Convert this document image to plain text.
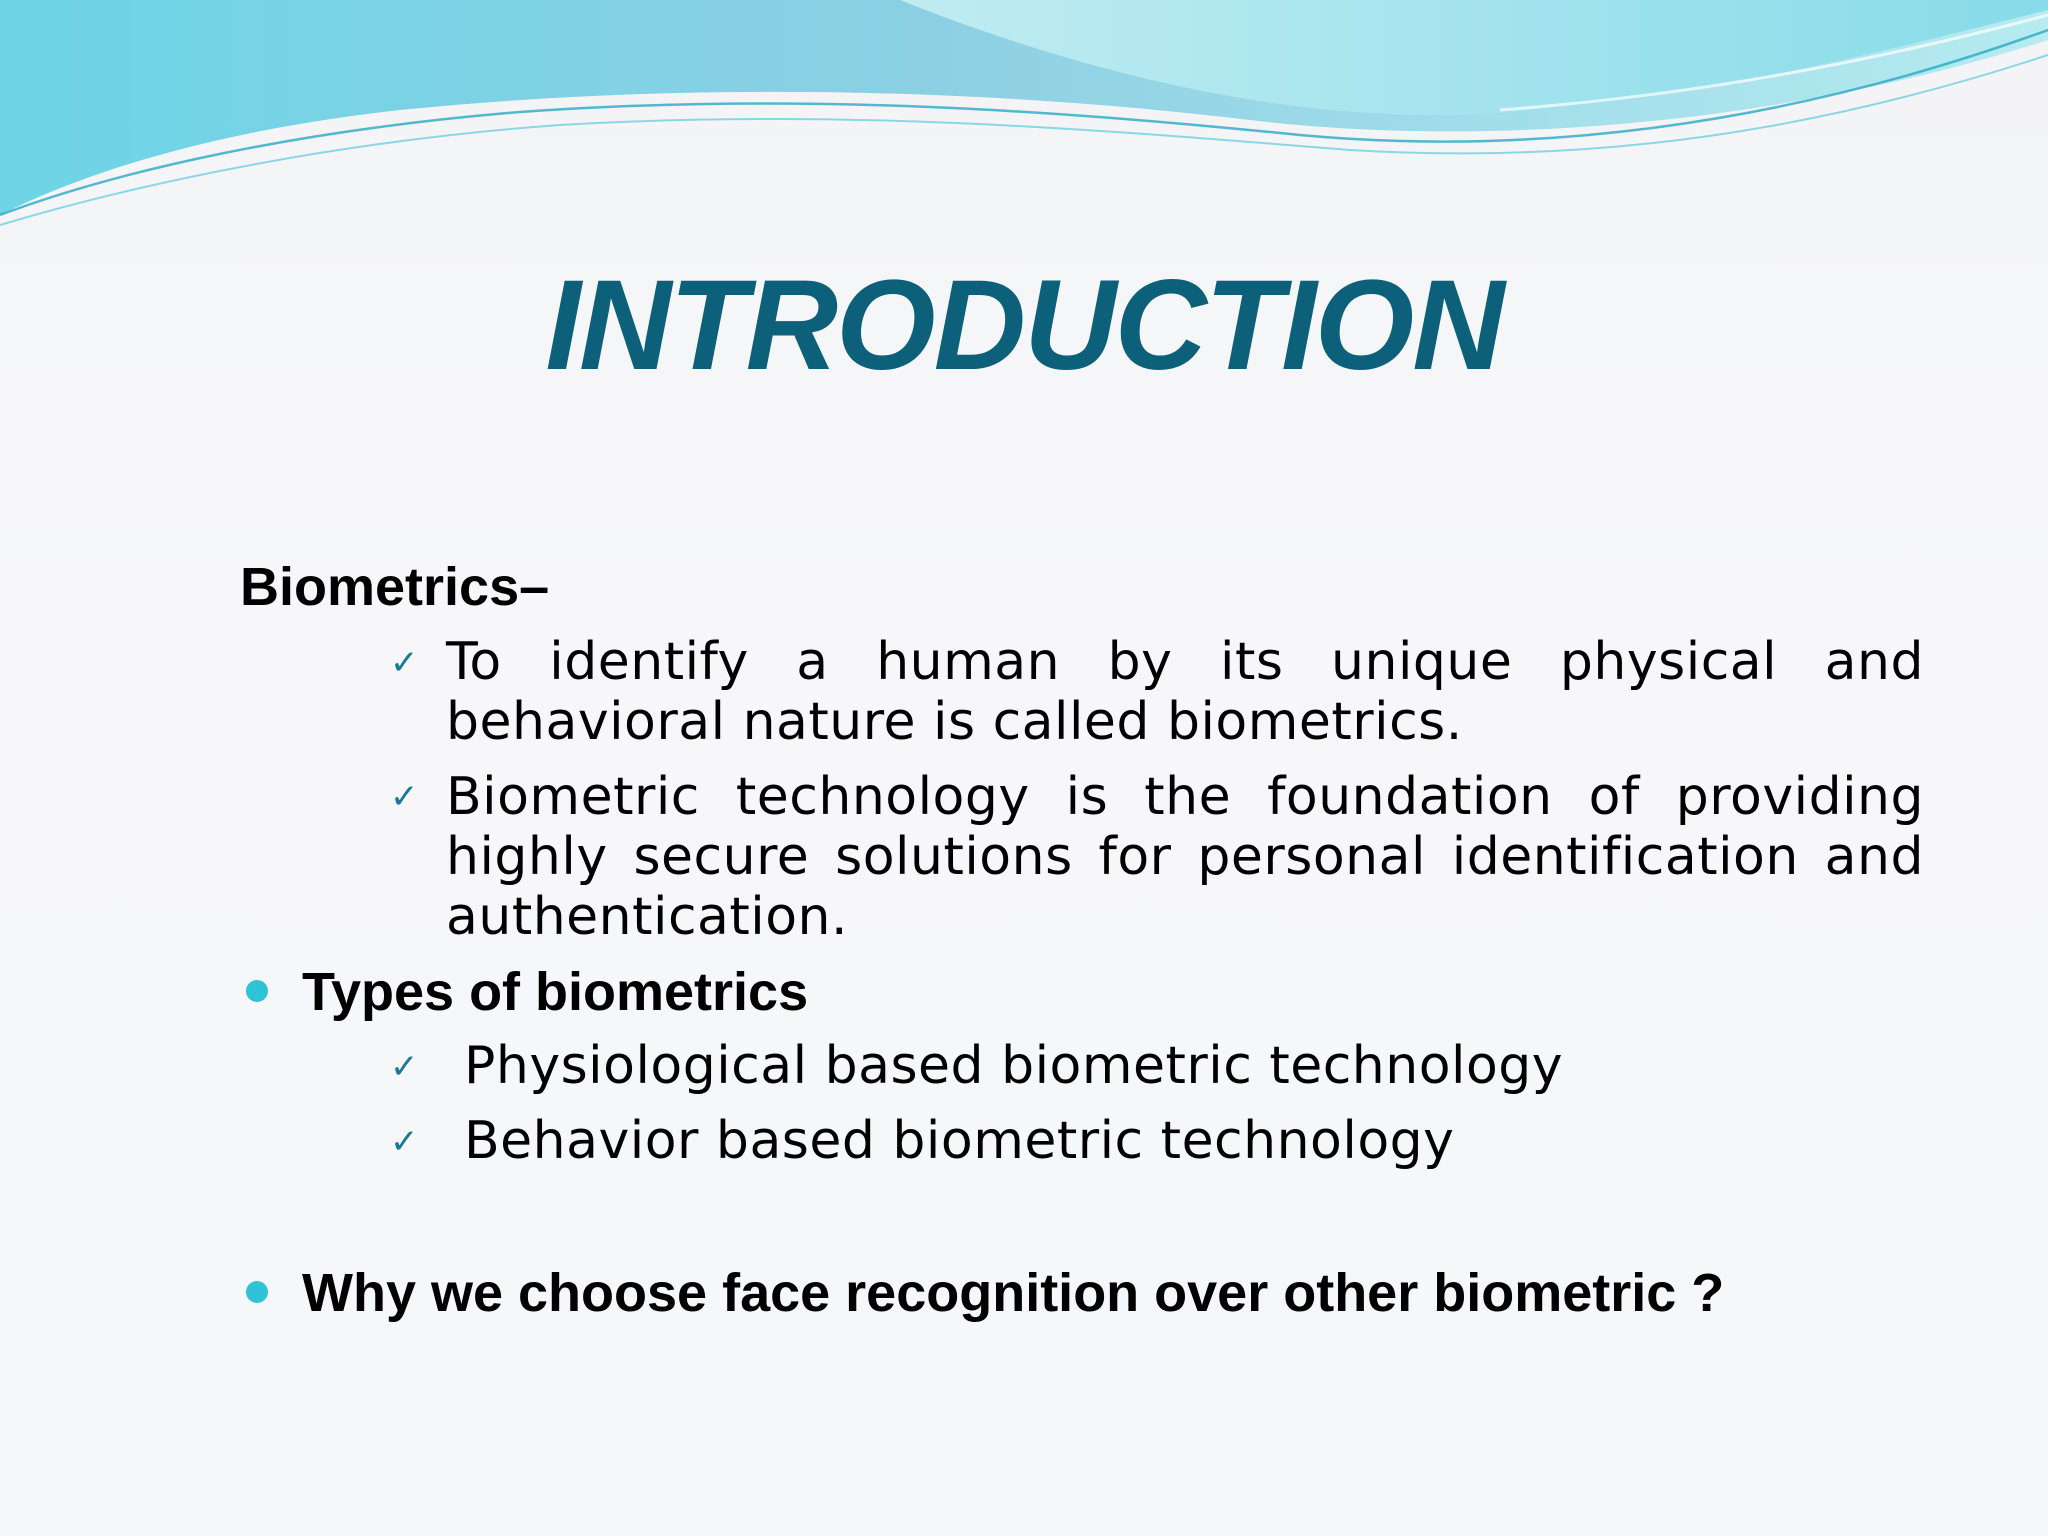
INTRODUCTION
Biometrics–
✓ To identify a human by its unique physical and behavioral nature is called biometrics.
✓ Biometric technology is the foundation of providing highly secure solutions for personal identification and authentication.
Types of biometrics
✓ Physiological based biometric technology
✓ Behavior based biometric technology
Why we choose face recognition over other biometric ?
